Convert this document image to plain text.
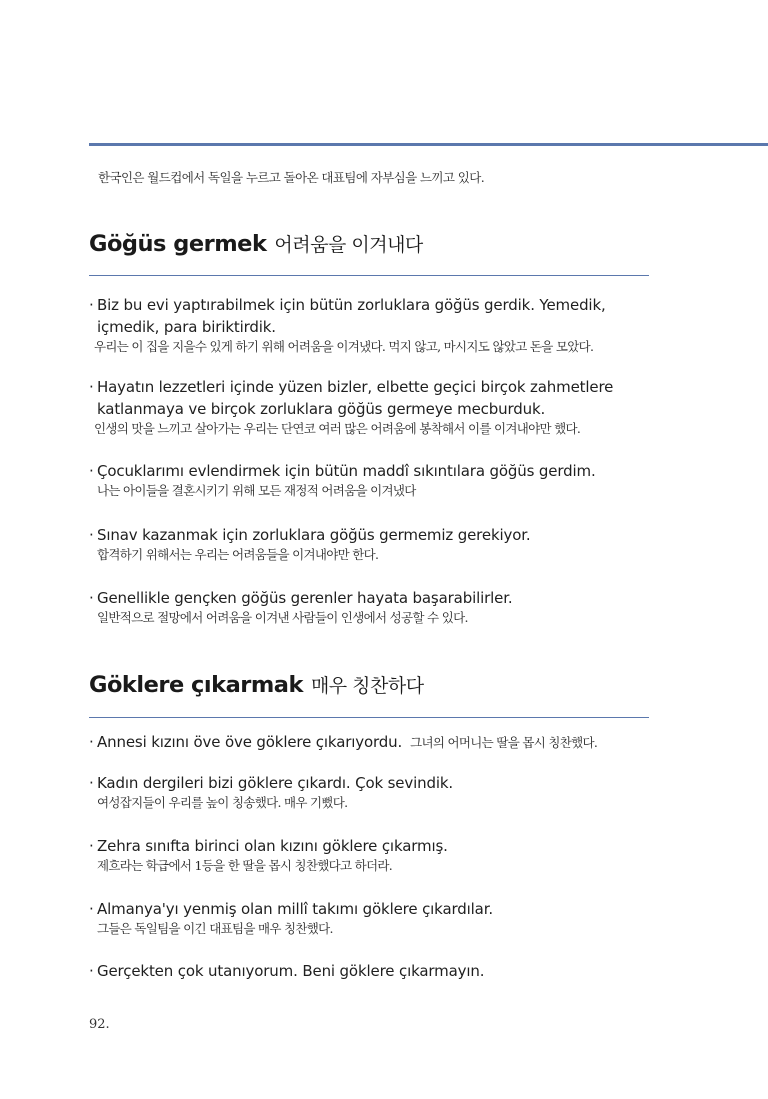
한국인은 월드컵에서 독일을 누르고 돌아온 대표팀에 자부심을 느끼고 있다.
Göğüs germek 어려움을 이겨내다
· Biz bu evi yaptırabilmek için bütün zorluklara göğüs gerdik. Yemedik, içmedik, para biriktirdik.
우리는 이 집을 지을수 있게 하기 위해 어려움을 이겨냈다. 먹지 않고, 마시지도 않았고 돈을 모았다.
· Hayatın lezzetleri içinde yüzen bizler, elbette geçici birçok zahmetlere katlanmaya ve birçok zorluklara göğüs germeye mecburduk.
인생의 맛을 느끼고 살아가는 우리는 단연코 여러 많은 어려움에 봉착해서 이를 이겨내야만 했다.
· Çocuklarımı evlendirmek için bütün maddî sıkıntılara göğüs gerdim.
나는 아이들을 결혼시키기 위해 모든 재정적 어려움을 이겨냈다
· Sınav kazanmak için zorluklara göğüs germemiz gerekiyor.
합격하기 위해서는 우리는 어려움들을 이겨내야만 한다.
· Genellikle gençken göğüs gerenler hayata başarabilirler.
일반적으로 절망에서 어려움을 이겨낸 사람들이 인생에서 성공할 수 있다.
Göklere çıkarmak 매우 칭찬하다
· Annesi kızını öve öve göklere çıkarıyordu. 그녀의 어머니는 딸을 몹시 칭찬했다.
· Kadın dergileri bizi göklere çıkardı. Çok sevindik.
여성잡지들이 우리를 높이 칭송했다. 매우 기뻤다.
· Zehra sınıfta birinci olan kızını göklere çıkarmış.
제흐라는 학급에서 1등을 한 딸을 몹시 칭찬했다고 하더라.
· Almanya'yı yenmiş olan millî takımı göklere çıkardılar.
그들은 독일팀을 이긴 대표팀을 매우 칭찬했다.
· Gerçekten çok utanıyorum. Beni göklere çıkarmayın.
92.
